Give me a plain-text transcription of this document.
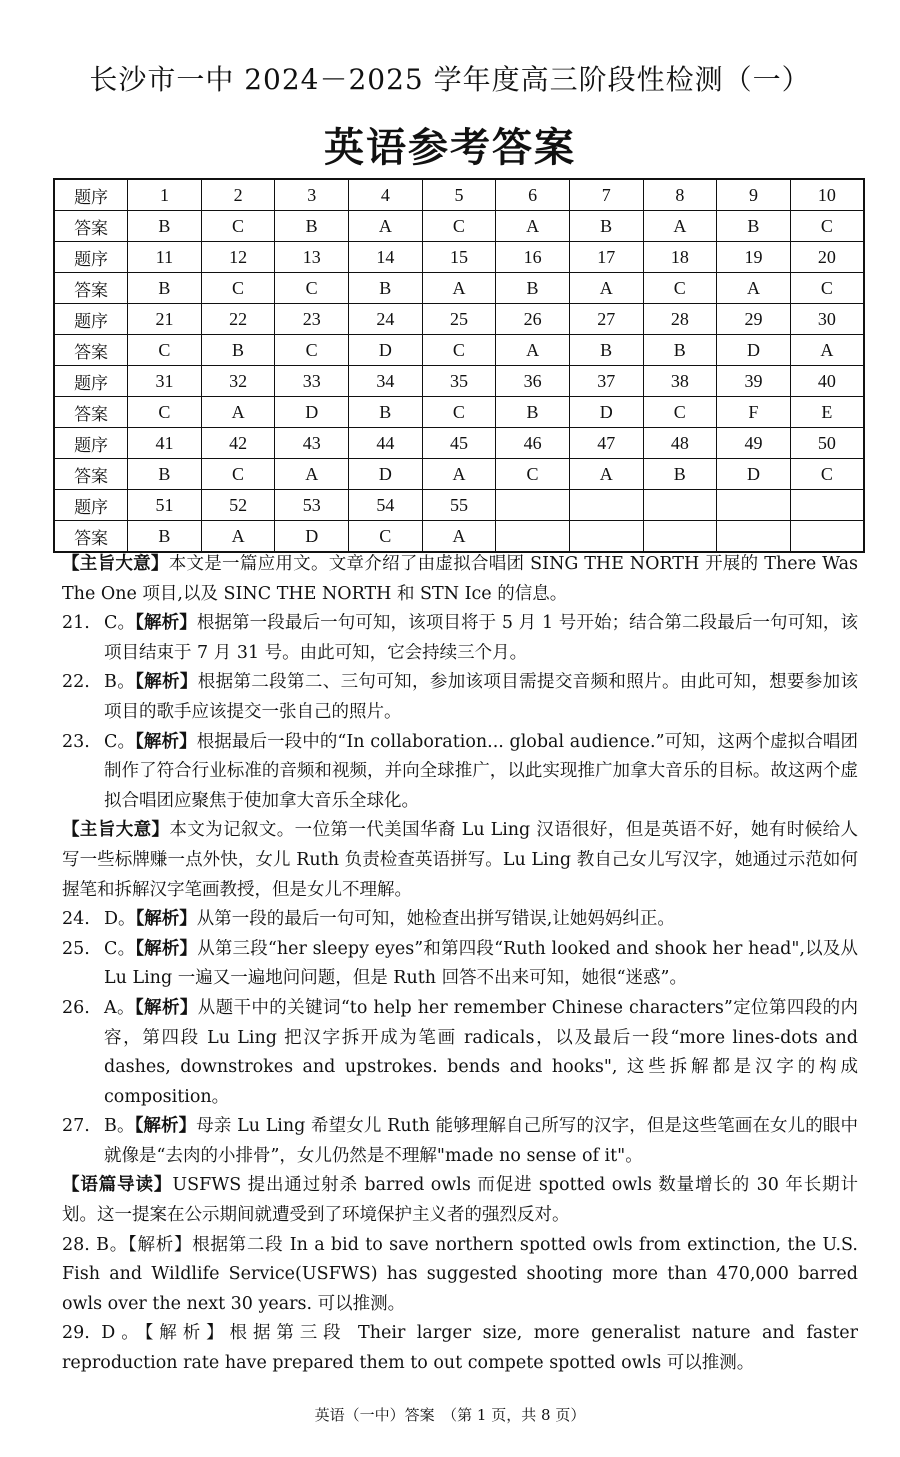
长沙市一中 2024－2025 学年度高三阶段性检测（一）
英语参考答案
题序	1	2	3	4	5	6	7	8	9	10
答案	B	C	B	A	C	A	B	A	B	C
题序	11	12	13	14	15	16	17	18	19	20
答案	B	C	C	B	A	B	A	C	A	C
题序	21	22	23	24	25	26	27	28	29	30
答案	C	B	C	D	C	A	B	B	D	A
题序	31	32	33	34	35	36	37	38	39	40
答案	C	A	D	B	C	B	D	C	F	E
题序	41	42	43	44	45	46	47	48	49	50
答案	B	C	A	D	A	C	A	B	D	C
题序	51	52	53	54	55					
答案	B	A	D	C	A					

【主旨大意】本文是一篇应用文。文章介绍了由虚拟合唱团 SING THE NORTH 开展的 There Was The One 项目,以及 SINC THE NORTH 和 STN Ice 的信息。

21. C。【解析】根据第一段最后一句可知，该项目将于 5 月 1 号开始；结合第二段最后一句可知，该项目结束于 7 月 31 号。由此可知，它会持续三个月。

22. B。【解析】根据第二段第二、三句可知，参加该项目需提交音频和照片。由此可知，想要参加该项目的歌手应该提交一张自己的照片。

23. C。【解析】根据最后一段中的“In collaboration... global audience.”可知，这两个虚拟合唱团制作了符合行业标准的音频和视频，并向全球推广，以此实现推广加拿大音乐的目标。故这两个虚拟合唱团应聚焦于使加拿大音乐全球化。

【主旨大意】本文为记叙文。一位第一代美国华裔 Lu Ling 汉语很好，但是英语不好，她有时候给人写一些标牌赚一点外快，女儿 Ruth 负责检查英语拼写。Lu Ling 教自己女儿写汉字，她通过示范如何握笔和拆解汉字笔画教授，但是女儿不理解。

24. D。【解析】从第一段的最后一句可知，她检查出拼写错误,让她妈妈纠正。

25. C。【解析】从第三段“her sleepy eyes”和第四段“Ruth looked and shook her head",以及从 Lu Ling 一遍又一遍地问问题，但是 Ruth 回答不出来可知，她很“迷惑”。

26. A。【解析】从题干中的关键词“to help her remember Chinese characters”定位第四段的内容，第四段 Lu Ling 把汉字拆开成为笔画 radicals，以及最后一段“more lines-dots and dashes, downstrokes and upstrokes. bends and hooks", 这些拆解都是汉字的构成 composition。

27. B。【解析】母亲 Lu Ling 希望女儿 Ruth 能够理解自己所写的汉字，但是这些笔画在女儿的眼中就像是“去肉的小排骨”，女儿仍然是不理解"made no sense of it"。

【语篇导读】USFWS 提出通过射杀 barred owls 而促进 spotted owls 数量增长的 30 年长期计划。这一提案在公示期间就遭受到了环境保护主义者的强烈反对。

28. B。【解析】根据第二段 In a bid to save northern spotted owls from extinction, the U.S. Fish and Wildlife Service(USFWS) has suggested shooting more than 470,000 barred owls over the next 30 years. 可以推测。

29. D。【解析】根据第三段 Their larger size, more generalist nature and faster reproduction rate have prepared them to out compete spotted owls 可以推测。

英语（一中）答案　（第 1 页，共 8 页）
